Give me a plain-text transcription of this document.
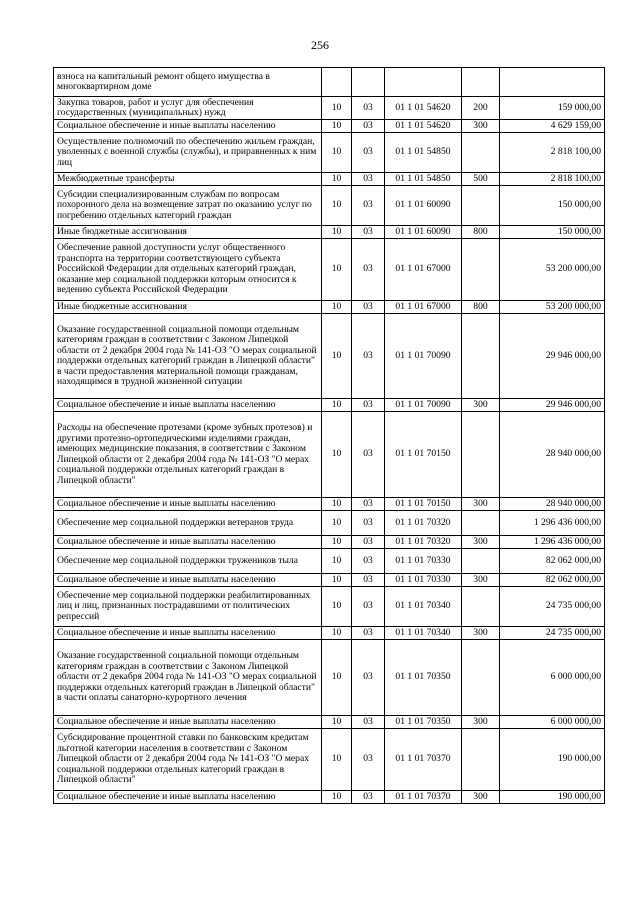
256
взноса на капитальный ремонт общего имущества в многоквартирном доме					
Закупка товаров, работ и услуг для обеспечения государственных (муниципальных) нужд	10	03	01 1 01 54620	200	159 000,00
Социальное обеспечение и иные выплаты населению	10	03	01 1 01 54620	300	4 629 159,00
Осуществление полномочий по обеспечению жильем граждан, уволенных с военной службы (службы), и приравненных к ним лиц	10	03	01 1 01 54850		2 818 100,00
Межбюджетные трансферты	10	03	01 1 01 54850	500	2 818 100,00
Субсидии специализированным службам по вопросам похоронного дела на возмещение затрат по оказанию услуг по погребению отдельных категорий граждан	10	03	01 1 01 60090		150 000,00
Иные бюджетные ассигнования	10	03	01 1 01 60090	800	150 000,00
Обеспечение равной доступности услуг общественного транспорта на территории соответствующего субъекта Российской Федерации для отдельных категорий граждан, оказание мер социальной поддержки которым относится к ведению субъекта Российской Федерации	10	03	01 1 01 67000		53 200 000,00
Иные бюджетные ассигнования	10	03	01 1 01 67000	800	53 200 000,00
Оказание государственной социальной помощи отдельным категориям граждан в соответствии с Законом Липецкой области от 2 декабря 2004 года № 141-ОЗ "О мерах социальной поддержки отдельных категорий граждан в Липецкой области" в части предоставления материальной помощи гражданам, находящимся в трудной жизненной ситуации	10	03	01 1 01 70090		29 946 000,00
Социальное обеспечение и иные выплаты населению	10	03	01 1 01 70090	300	29 946 000,00
Расходы на обеспечение протезами (кроме зубных протезов) и другими протезно-ортопедическими изделиями граждан, имеющих медицинские показания, в соответствии с Законом Липецкой области от 2 декабря 2004 года № 141-ОЗ "О мерах социальной поддержки отдельных категорий граждан в Липецкой области"	10	03	01 1 01 70150		28 940 000,00
Социальное обеспечение и иные выплаты населению	10	03	01 1 01 70150	300	28 940 000,00
Обеспечение мер социальной поддержки ветеранов труда	10	03	01 1 01 70320		1 296 436 000,00
Социальное обеспечение и иные выплаты населению	10	03	01 1 01 70320	300	1 296 436 000,00
Обеспечение мер социальной поддержки тружеников тыла	10	03	01 1 01 70330		82 062 000,00
Социальное обеспечение и иные выплаты населению	10	03	01 1 01 70330	300	82 062 000,00
Обеспечение мер социальной поддержки реабилитированных лиц и лиц, признанных пострадавшими от политических репрессий	10	03	01 1 01 70340		24 735 000,00
Социальное обеспечение и иные выплаты населению	10	03	01 1 01 70340	300	24 735 000,00
Оказание государственной социальной помощи отдельным категориям граждан в соответствии с Законом Липецкой области от 2 декабря 2004 года № 141-ОЗ "О мерах социальной поддержки отдельных категорий граждан в Липецкой области" в части оплаты санаторно-курортного лечения	10	03	01 1 01 70350		6 000 000,00
Социальное обеспечение и иные выплаты населению	10	03	01 1 01 70350	300	6 000 000,00
Субсидирование процентной ставки по банковским кредитам льготной категории населения в соответствии с Законом Липецкой области от 2 декабря 2004 года № 141-ОЗ "О мерах социальной поддержки отдельных категорий граждан в Липецкой области"	10	03	01 1 01 70370		190 000,00
Социальное обеспечение и иные выплаты населению	10	03	01 1 01 70370	300	190 000,00
